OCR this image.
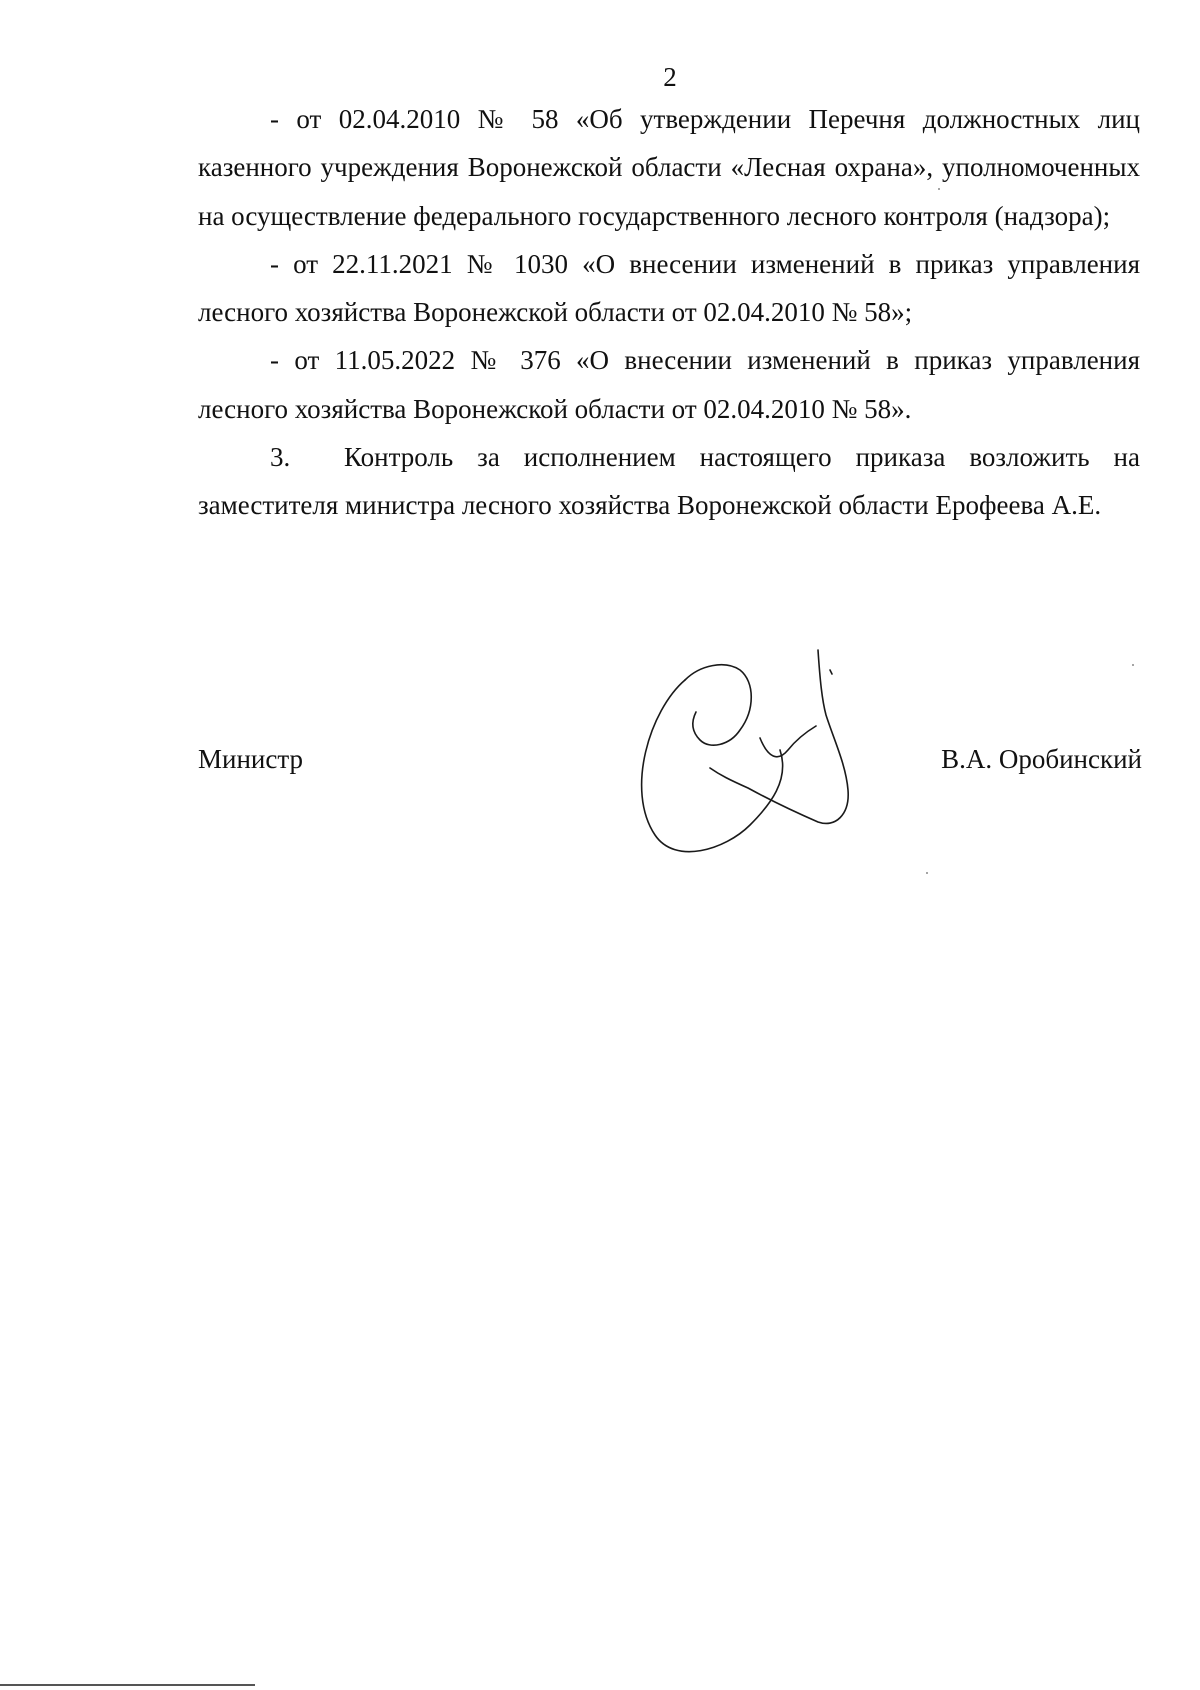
2

- от 02.04.2010 № 58 «Об утверждении Перечня должностных лиц казенного учреждения Воронежской области «Лесная охрана», уполномоченных на осуществление федерального государственного лесного контроля (надзора);

- от 22.11.2021 № 1030 «О внесении изменений в приказ управления лесного хозяйства Воронежской области от 02.04.2010 № 58»;

- от 11.05.2022 № 376 «О внесении изменений в приказ управления лесного хозяйства Воронежской области от 02.04.2010 № 58».

3. Контроль за исполнением настоящего приказа возложить на заместителя министра лесного хозяйства Воронежской области Ерофеева А.Е.

Министр	В.А. Оробинский
